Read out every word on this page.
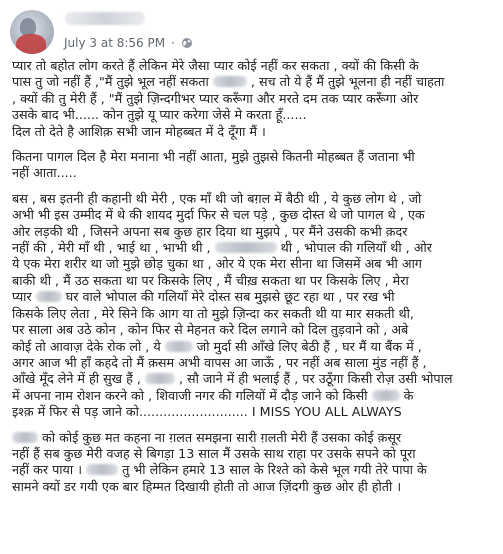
July 3 at 8:56 PM ·
प्यार तो बहोत लोग करते हैं लेकिन मेरे जैसा प्यार कोई नहीं कर सकता , क्यों की किसी के
पास तु जो नहीं हैं ,"मैं तुझे भूल नहीं सकता	, सच तो ये हैं मैं तुझे भूलना ही नहीं चाहता
, क्यों की तु मेरी हैं , "मैं तुझे ज़िन्दगीभर प्यार करूँगा और मरते दम तक प्यार करूँगा ओर
उसके बाद भी...... कोन तुझे यू प्यार करेगा जेसे मे करता हूँ......
दिल तो देते है आशिक़ सभी जान मोहब्बत में दे दूँगा मैं ।
कितना पागल दिल है मेरा मनाना भी नहीं आता, मुझे तुझसे कितनी मोहब्बत हैं जताना भी
नहीं आता.....
बस , बस इतनी ही कहानी थी मेरी , एक माँ थी जो बग़ल में बैठी थी , ये कुछ लोग थे , जो
अभी भी इस उम्मीद में थे की शायद मुर्दा फिर से चल पड़े , कुछ दोस्त थे जो पागल थे , एक
ओर लड़की थी , जिसने अपना सब कुछ हार दिया था मुझपे , पर मैंने उसकी कभी क़दर
नहीं की , मेरी माँ थी , भाई था , भाभी थी ,	थी , भोपाल की गलियाँ थी , ओर
ये एक मेरा शरीर था जो मुझे छोड़ चुका था , ओर ये एक मेरा सीना था जिसमें अब भी आग
बाकी थी , मैं उठ सकता था पर किसके लिए , मैं चीख़ सकता था पर किसके लिए , मेरा
प्यार  घर वाले भोपाल की गलियाँ मेरे दोस्त सब मुझसे छूट रहा था , पर रख भी
किसके लिए लेता , मेरे सिने कि आग या तो मुझे ज़िन्दा कर सकती थी या मार सकती थी,
पर साला अब उठे कोन , कोन फिर से मेहनत करे दिल लगाने को दिल तुड़वाने को , अबे
कोई तो आवाज़ देके रोक लो , ये  जो मुर्दा सी आँखे लिए बेठी हैं , घर मैं या बैंक में ,
अगर आज भी हाँ कहदे तो मैं क़सम अभी वापस आ जाऊँ , पर नहीं अब साला मुंड नहीं हैं ,
आँखे मूँद लेने में ही सुख हैं ,  , सौ जाने में ही भलाई हैं , पर उठूँगा किसी रोज़ उसी भोपाल
में अपना नाम रोशन करने को , शिवाजी नगर की गलियों में दौड़ जाने को किसी  के
इश्क़ में फिर से पड़ जाने को........................... I MISS YOU ALL ALWAYS
को कोई कुछ मत कहना ना ग़लत समझना सारी ग़लती मेरी हैं उसका कोई क़सूर
नहीं हैं सब कुछ मेरी वजह से बिगड़ा 13 साल मैं उसके साथ राहा पर उसके सपने को पूरा
नहीं कर पाया ।	तु भी लेकिन हमारे 13 साल के रिश्ते को केसे भूल गयी तेरे पापा के
सामने क्यों डर गयी एक बार हिम्मत दिखायी होती तो आज ज़िंदगी कुछ ओर ही होती ।
